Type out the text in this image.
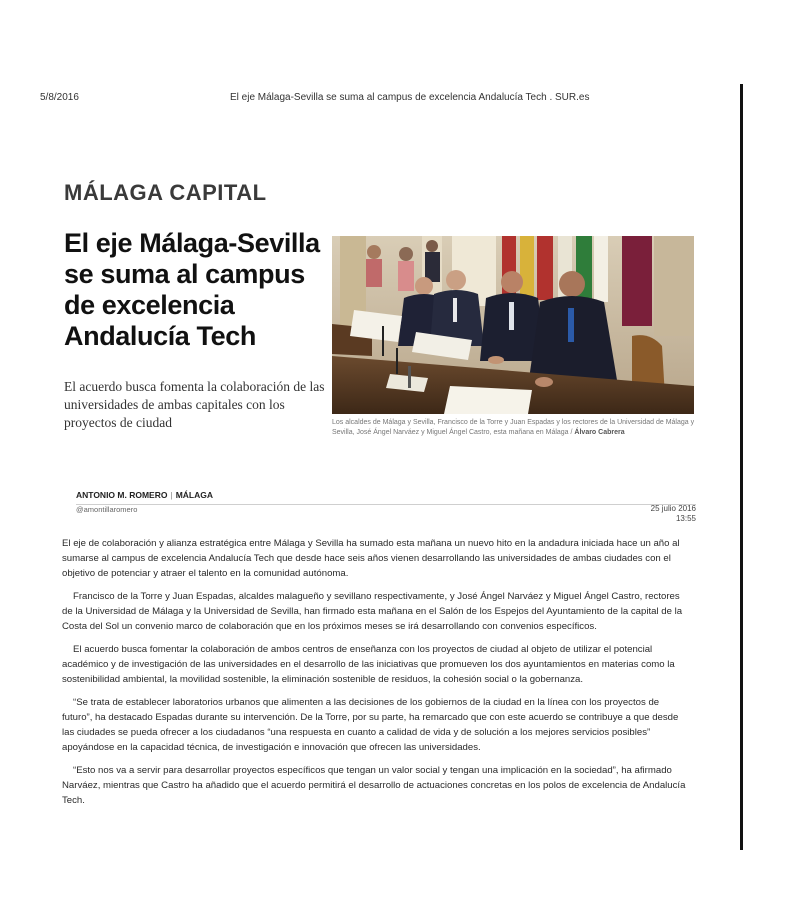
5/8/2016	El eje Málaga-Sevilla se suma al campus de excelencia Andalucía Tech . SUR.es
MÁLAGA CAPITAL
El eje Málaga-Sevilla se suma al campus de excelencia Andalucía Tech
El acuerdo busca fomenta la colaboración de las universidades de ambas capitales con los proyectos de ciudad	Los alcaldes de Málaga y Sevilla, Francisco de la Torre y Juan Espadas y los rectores de la Universidad de Málaga y Sevilla, José Ángel Narváez y Miguel Ángel Castro, esta mañana en Málaga / Álvaro Cabrera
ANTONIO M. ROMERO | MÁLAGA
@amontillaromero	25 julio 2016
13:55

El eje de colaboración y alianza estratégica entre Málaga y Sevilla ha sumado esta mañana un nuevo hito en la andadura iniciada hace un año al sumarse al campus de excelencia Andalucía Tech que desde hace seis años vienen desarrollando las universidades de ambas ciudades con el objetivo de potenciar y atraer el talento en la comunidad autónoma.

Francisco de la Torre y Juan Espadas, alcaldes malagueño y sevillano respectivamente, y José Ángel Narváez y Miguel Ángel Castro, rectores de la Universidad de Málaga y la Universidad de Sevilla, han firmado esta mañana en el Salón de los Espejos del Ayuntamiento de la capital de la Costa del Sol un convenio marco de colaboración que en los próximos meses se irá desarrollando con convenios específicos.

El acuerdo busca fomentar la colaboración de ambos centros de enseñanza con los proyectos de ciudad al objeto de utilizar el potencial académico y de investigación de las universidades en el desarrollo de las iniciativas que promueven los dos ayuntamientos en materias como la sostenibilidad ambiental, la movilidad sostenible, la eliminación sostenible de residuos, la cohesión social o la gobernanza.

“Se trata de establecer laboratorios urbanos que alimenten a las decisiones de los gobiernos de la ciudad en la línea con los proyectos de futuro”, ha destacado Espadas durante su intervención. De la Torre, por su parte, ha remarcado que con este acuerdo se contribuye a que desde las ciudades se pueda ofrecer a los ciudadanos “una respuesta en cuanto a calidad de vida y de solución a los mejores servicios posibles” apoyándose en la capacidad técnica, de investigación e innovación que ofrecen las universidades.

“Esto nos va a servir para desarrollar proyectos específicos que tengan un valor social y tengan una implicación en la sociedad”, ha afirmado Narváez, mientras que Castro ha añadido que el acuerdo permitirá el desarrollo de actuaciones concretas en los polos de excelencia de Andalucía Tech.
